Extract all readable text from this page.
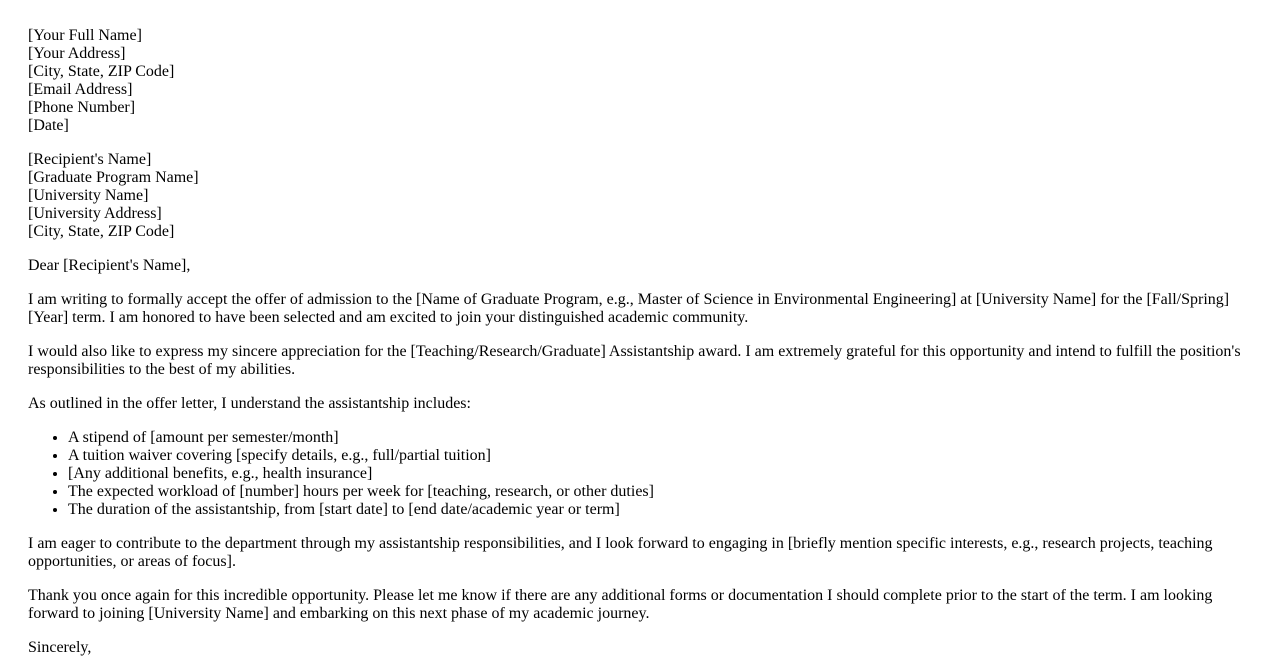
[Your Full Name]
[Your Address]
[City, State, ZIP Code]
[Email Address]
[Phone Number]
[Date]

[Recipient's Name]
[Graduate Program Name]
[University Name]
[University Address]
[City, State, ZIP Code]

Dear [Recipient's Name],

I am writing to formally accept the offer of admission to the [Name of Graduate Program, e.g., Master of Science in Environmental Engineering] at [University Name] for the [Fall/Spring] [Year] term. I am honored to have been selected and am excited to join your distinguished academic community.

I would also like to express my sincere appreciation for the [Teaching/Research/Graduate] Assistantship award. I am extremely grateful for this opportunity and intend to fulfill the position's responsibilities to the best of my abilities.

As outlined in the offer letter, I understand the assistantship includes:

• A stipend of [amount per semester/month]
• A tuition waiver covering [specify details, e.g., full/partial tuition]
• [Any additional benefits, e.g., health insurance]
• The expected workload of [number] hours per week for [teaching, research, or other duties]
• The duration of the assistantship, from [start date] to [end date/academic year or term]

I am eager to contribute to the department through my assistantship responsibilities, and I look forward to engaging in [briefly mention specific interests, e.g., research projects, teaching opportunities, or areas of focus].

Thank you once again for this incredible opportunity. Please let me know if there are any additional forms or documentation I should complete prior to the start of the term. I am looking forward to joining [University Name] and embarking on this next phase of my academic journey.

Sincerely,
